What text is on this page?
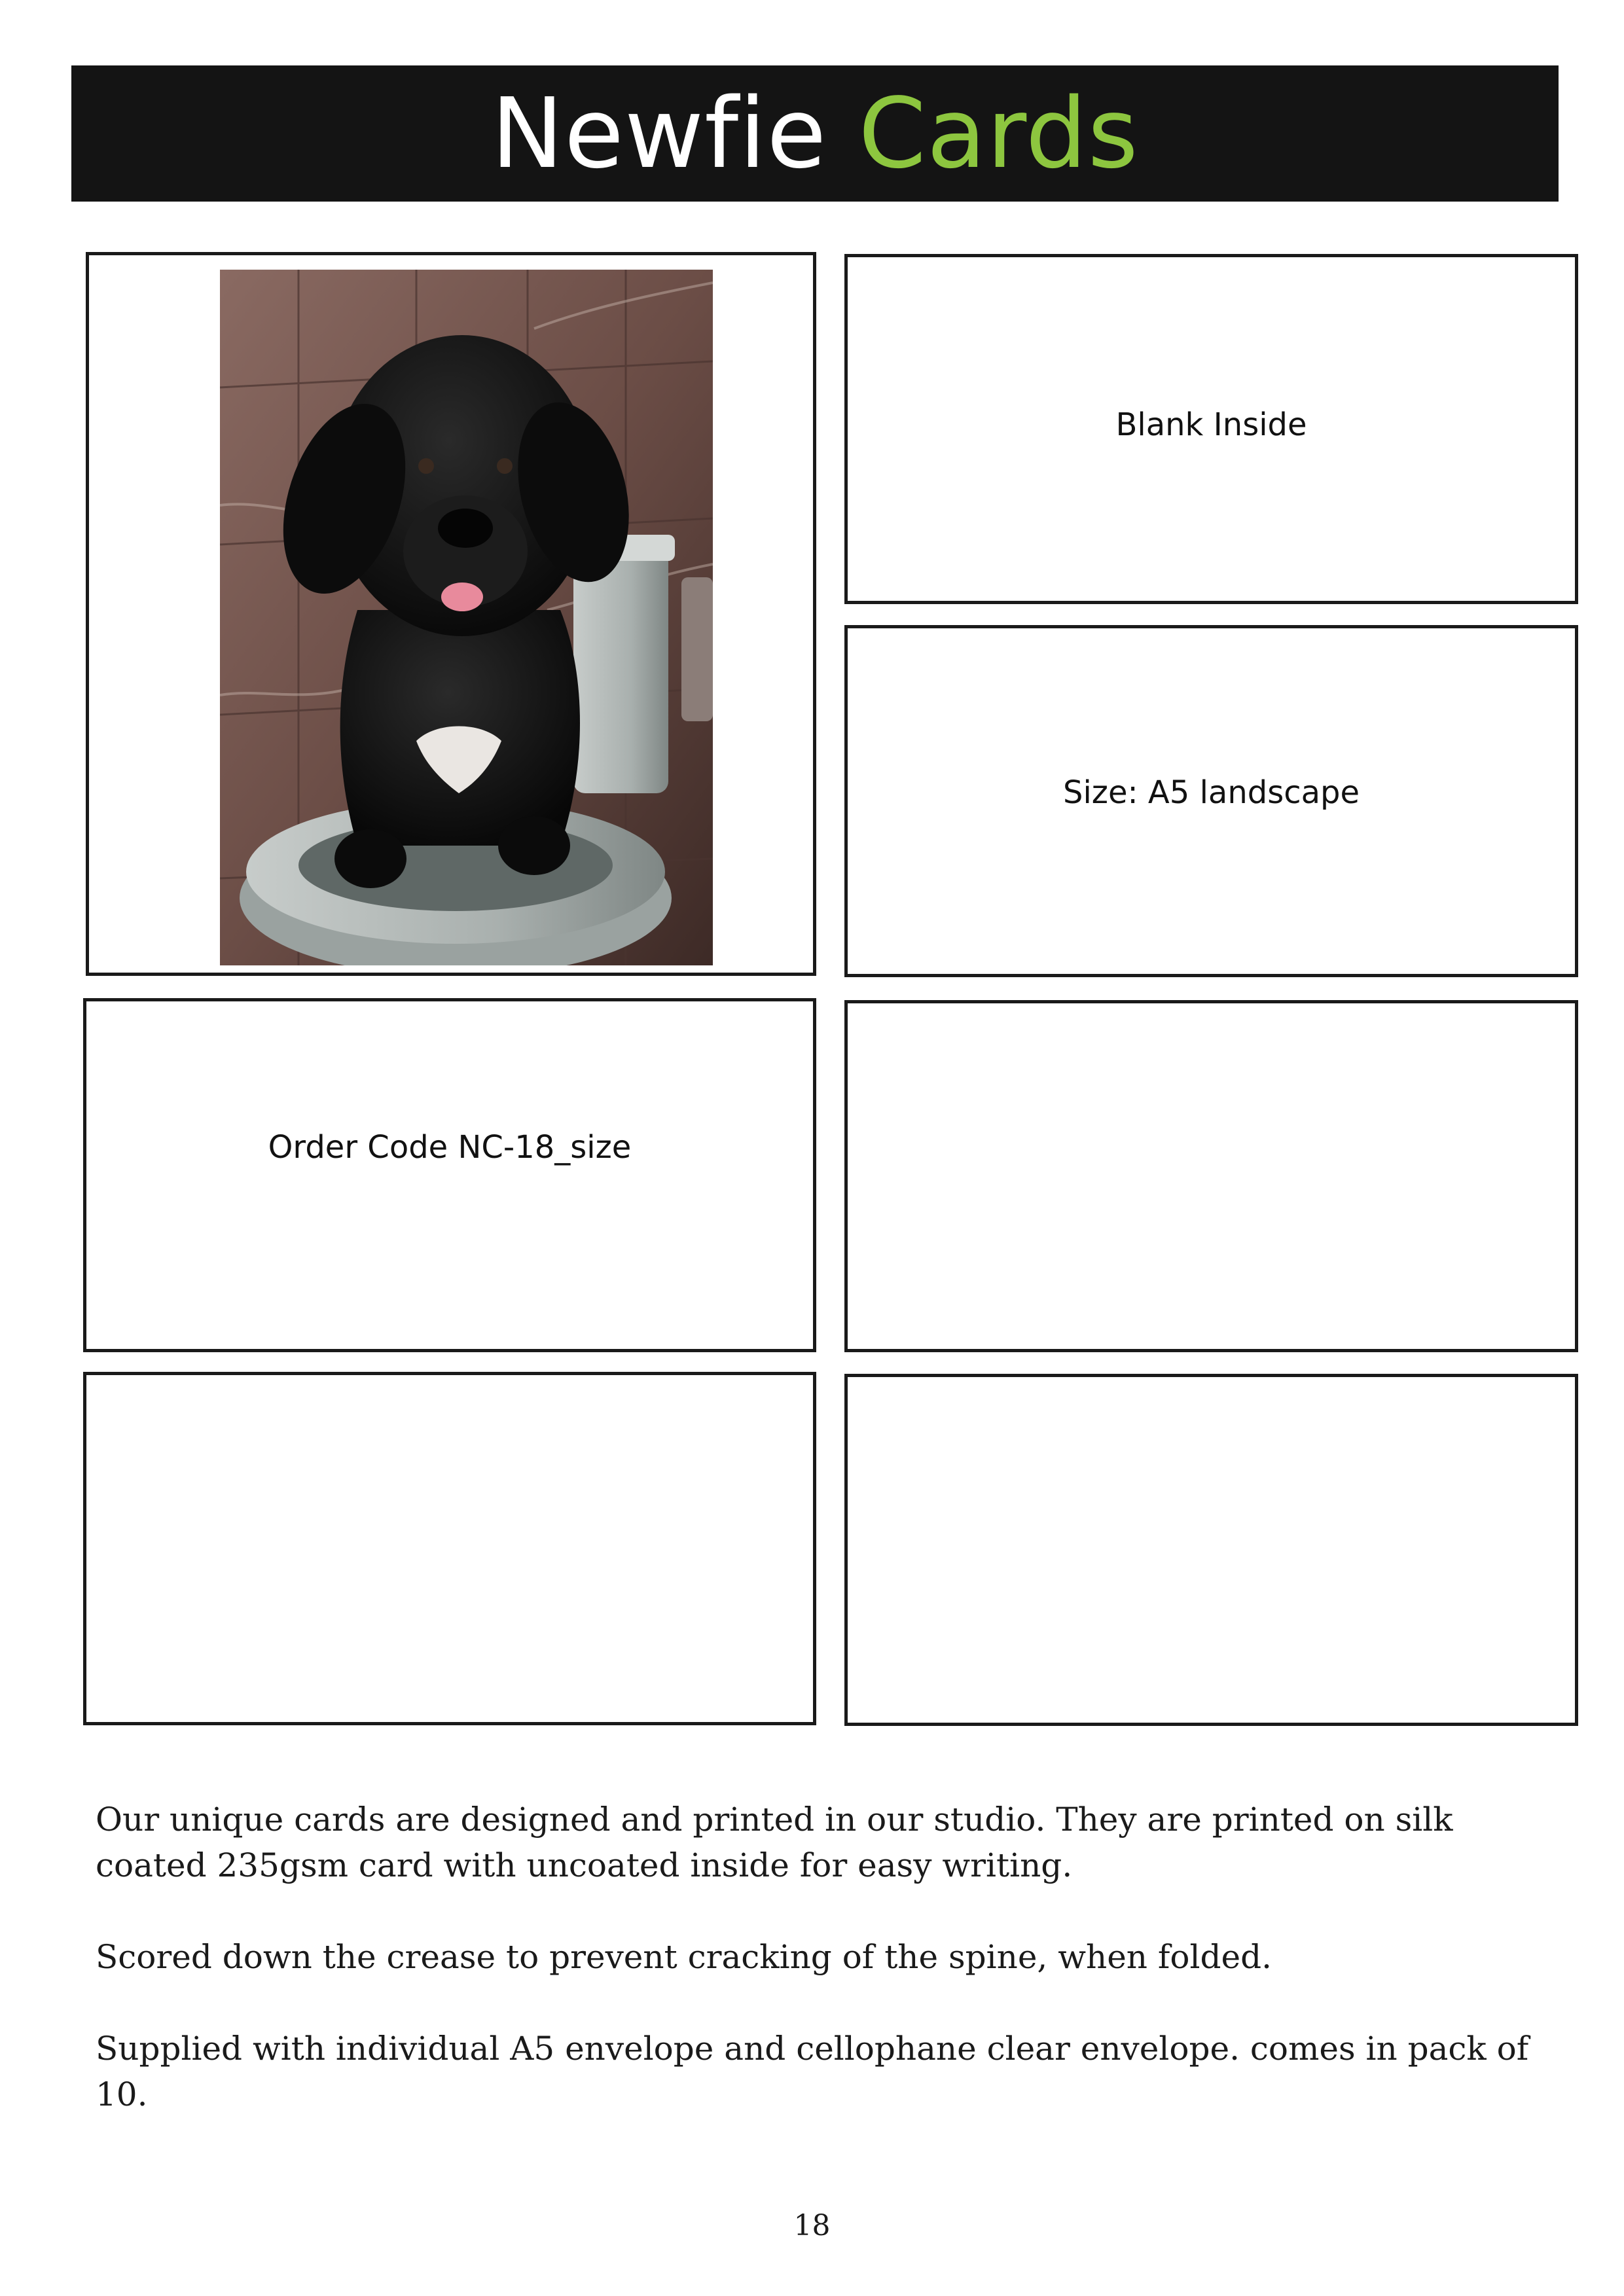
Newfie Cards
Blank Inside
Size: A5 landscape
Order Code NC-18_size

Our unique cards are designed and printed in our studio. They are printed on silk coated 235gsm card with uncoated inside for easy writing.

Scored down the crease to prevent cracking of the spine, when folded.

Supplied with individual A5 envelope and cellophane clear envelope. comes in pack of 10.

18
